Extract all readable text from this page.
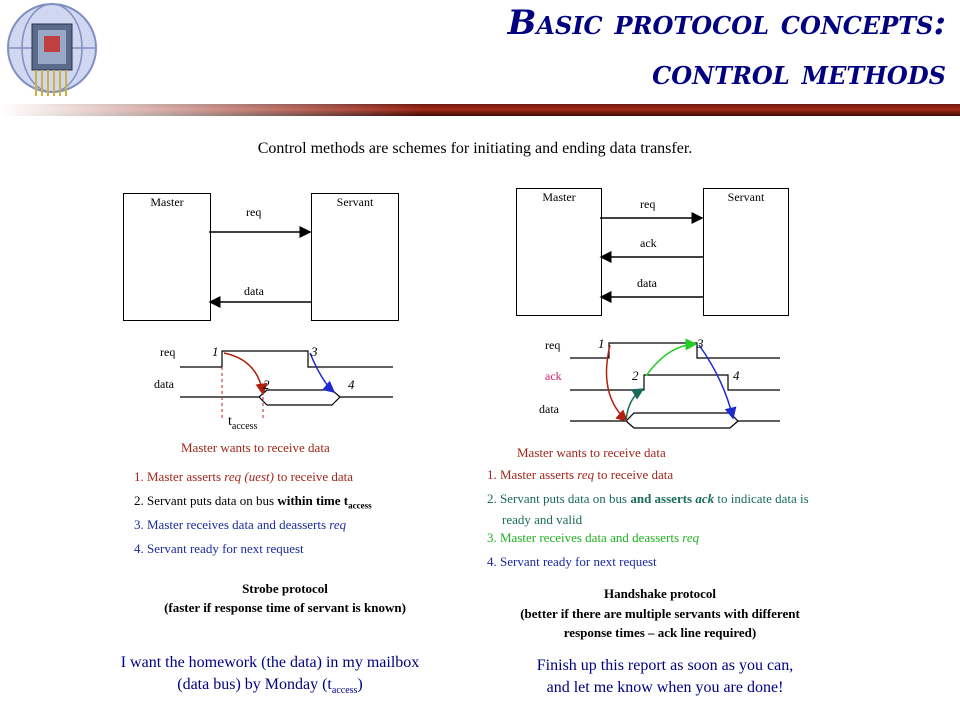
Basic protocol concepts:
control methods
Control methods are schemes for initiating and ending data transfer.
Master	Servant
req
data
Master	Servant
req
ack
data
req
data
1
2
3
4
$t_{access}$
req
ack
data
1
2
3
4
Master wants to receive data
1. Master asserts req (uest) to receive data
2. Servant puts data on bus within time $t_{access}$
3. Master receives data and deasserts req
4. Servant ready for next request
Strobe protocol
(faster if response time of servant is known)
I want the homework (the data) in my mailbox
(data bus) by Monday $(t_{access})$
Master wants to receive data
1. Master asserts req to receive data
2. Servant puts data on bus and asserts ack to indicate data is
ready and valid
3. Master receives data and deasserts req
4. Servant ready for next request
Handshake protocol
(better if there are multiple servants with different
response times – ack line required)
Finish up this report as soon as you can,
and let me know when you are done!
